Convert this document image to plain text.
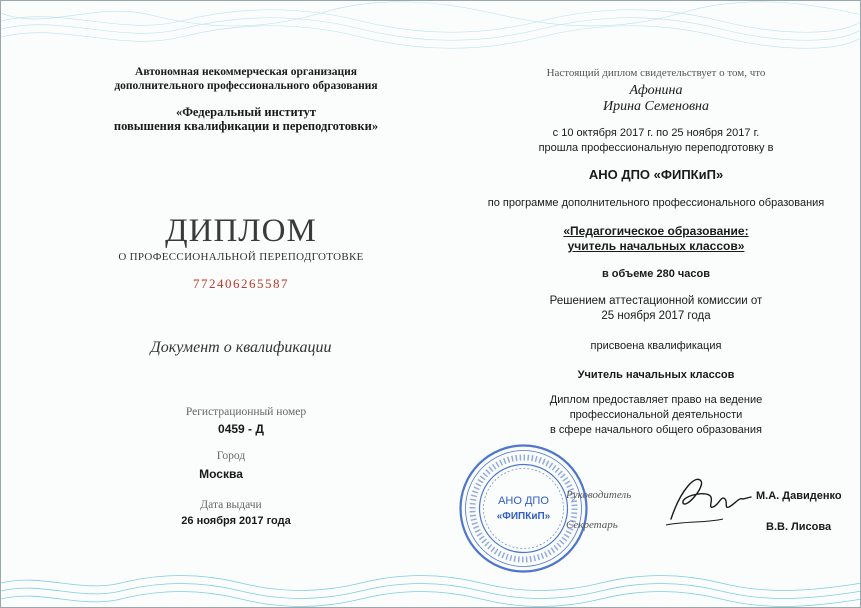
Автономная некоммерческая организация
дополнительного профессионального образования
«Федеральный институт
повышения квалификации и переподготовки»
ДИПЛОМ
О ПРОФЕССИОНАЛЬНОЙ ПЕРЕПОДГОТОВКЕ
772406265587
Документ о квалификации
Регистрационный номер
0459 - Д
Город
Москва
Дата выдачи
26 ноября 2017 года
Настоящий диплом свидетельствует о том, что
Афонина
Ирина Семеновна
с 10 октября 2017 г. по 25 ноября 2017 г.
прошла профессиональную переподготовку в
АНО ДПО «ФИПКиП»
по программе дополнительного профессионального образования
«Педагогическое образование:
учитель начальных классов»
в объеме 280 часов
Решением аттестационной комиссии от
25 ноября 2017 года
присвоена квалификация
Учитель начальных классов
Диплом предоставляет право на ведение
профессиональной деятельности
в сфере начального общего образования
АНО ДПО
«ФИПКиП»
Руководитель	М.А. Давиденко
Секретарь	В.В. Лисова
